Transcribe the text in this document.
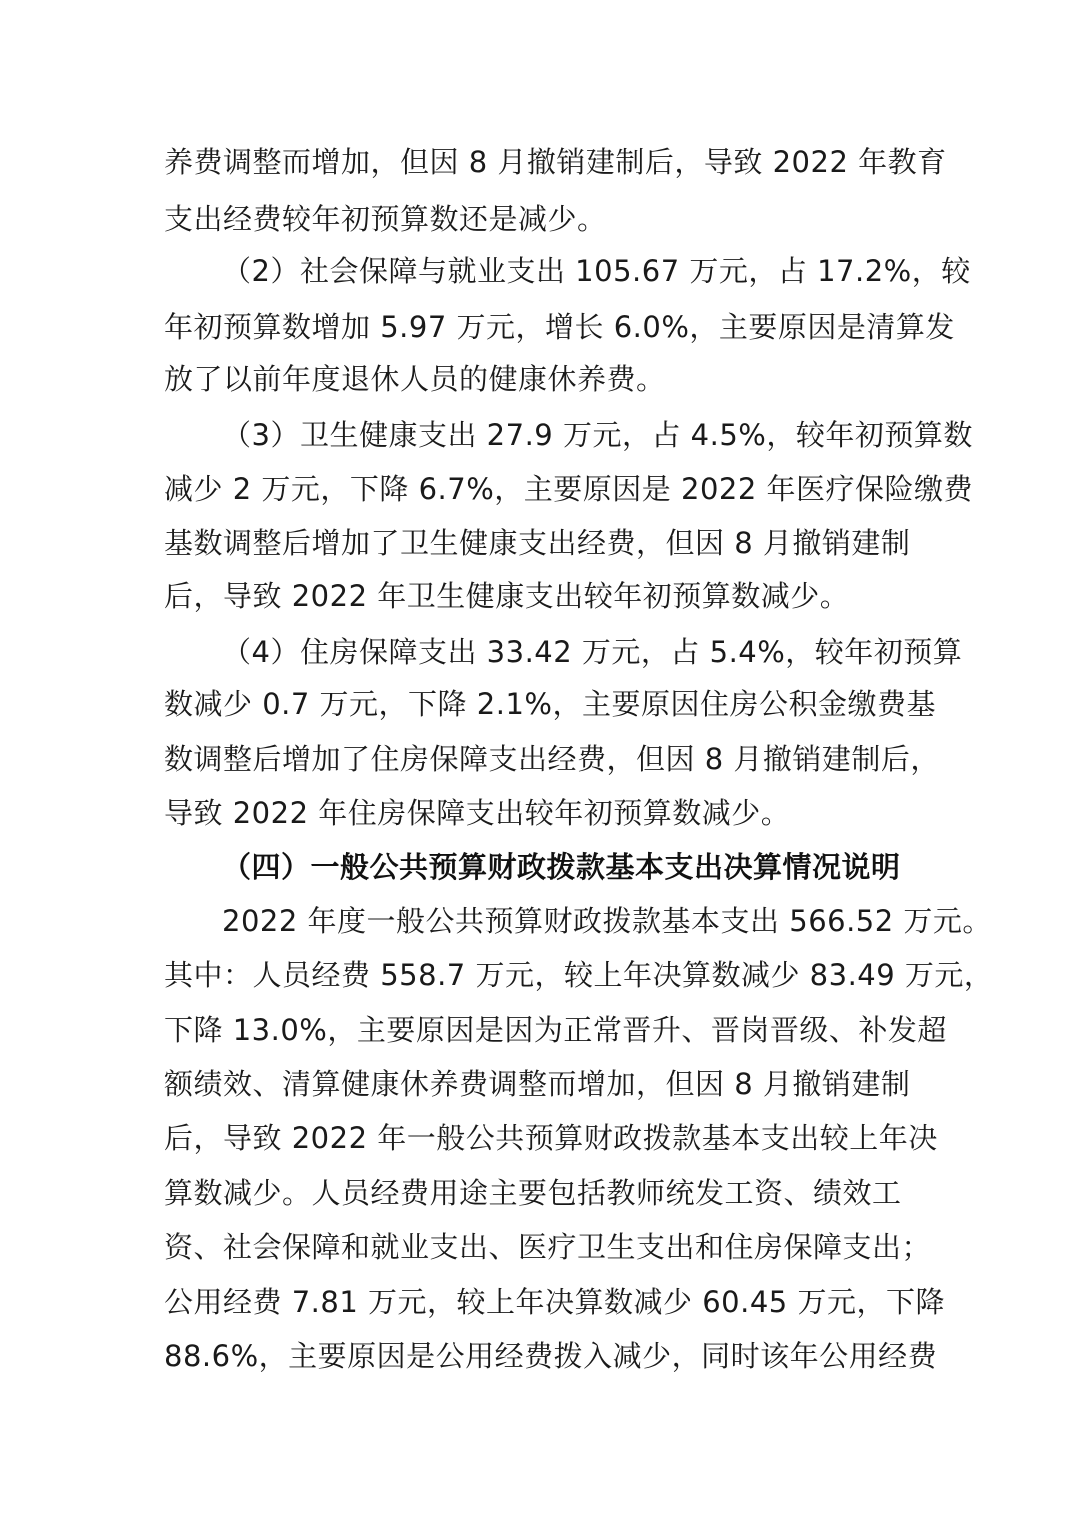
养费调整而增加，但因 8 月撤销建制后，导致 2022 年教育
支出经费较年初预算数还是减少。
（2）社会保障与就业支出 105.67 万元，占 17.2%，较
年初预算数增加 5.97 万元，增长 6.0%，主要原因是清算发
放了以前年度退休人员的健康休养费。
（3）卫生健康支出 27.9 万元，占 4.5%，较年初预算数
减少 2 万元，下降 6.7%，主要原因是 2022 年医疗保险缴费
基数调整后增加了卫生健康支出经费，但因 8 月撤销建制
后，导致 2022 年卫生健康支出较年初预算数减少。
（4）住房保障支出 33.42 万元，占 5.4%，较年初预算
数减少 0.7 万元，下降 2.1%，主要原因住房公积金缴费基
数调整后增加了住房保障支出经费，但因 8 月撤销建制后，
导致 2022 年住房保障支出较年初预算数减少。
（四）一般公共预算财政拨款基本支出决算情况说明
2022 年度一般公共预算财政拨款基本支出 566.52 万元。
其中：人员经费 558.7 万元，较上年决算数减少 83.49 万元，
下降 13.0%，主要原因是因为正常晋升、晋岗晋级、补发超
额绩效、清算健康休养费调整而增加，但因 8 月撤销建制
后，导致 2022 年一般公共预算财政拨款基本支出较上年决
算数减少。人员经费用途主要包括教师统发工资、绩效工
资、社会保障和就业支出、医疗卫生支出和住房保障支出；
公用经费 7.81 万元，较上年决算数减少 60.45 万元，下降
88.6%，主要原因是公用经费拨入减少，同时该年公用经费
